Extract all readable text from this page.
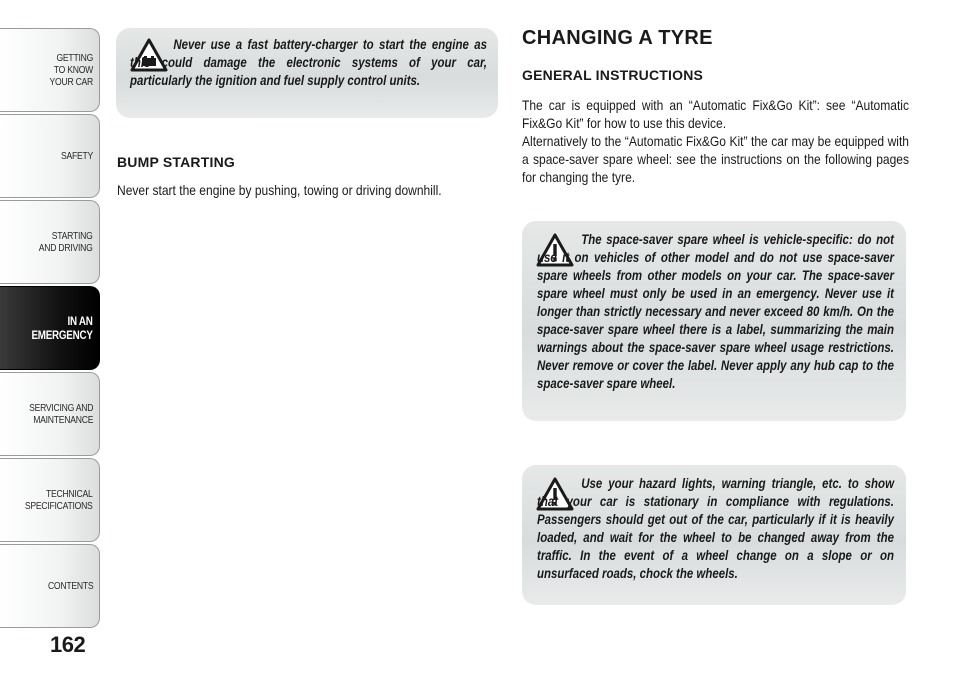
GETTING
TO KNOW
YOUR CAR
SAFETY
STARTING
AND DRIVING
IN AN
EMERGENCY
SERVICING AND
MAINTENANCE
TECHNICAL
SPECIFICATIONS
CONTENTS
162
Never use a fast battery-charger to start the engine as this could damage the electronic systems of your car, particularly the ignition and fuel supply control units.
BUMP STARTING

Never start the engine by pushing, towing or driving downhill.

CHANGING A TYRE
GENERAL INSTRUCTIONS

The car is equipped with an “Automatic Fix&Go Kit”: see “Automatic Fix&Go Kit” for how to use this device.

Alternatively to the “Automatic Fix&Go Kit” the car may be equipped with a space-saver spare wheel: see the instructions on the following pages for changing the tyre.

The space-saver spare wheel is vehicle-specific: do not use it on vehicles of other model and do not use space-saver spare wheels from other models on your car. The space-saver spare wheel must only be used in an emergency. Never use it longer than strictly necessary and never exceed 80 km/h. On the space-saver spare wheel there is a label, summarizing the main warnings about the space-saver spare wheel usage restrictions. Never remove or cover the label. Never apply any hub cap to the space-saver spare wheel.
Use your hazard lights, warning triangle, etc. to show that your car is stationary in compliance with regulations. Passengers should get out of the car, particularly if it is heavily loaded, and wait for the wheel to be changed away from the traffic. In the event of a wheel change on a slope or on unsurfaced roads, chock the wheels.
